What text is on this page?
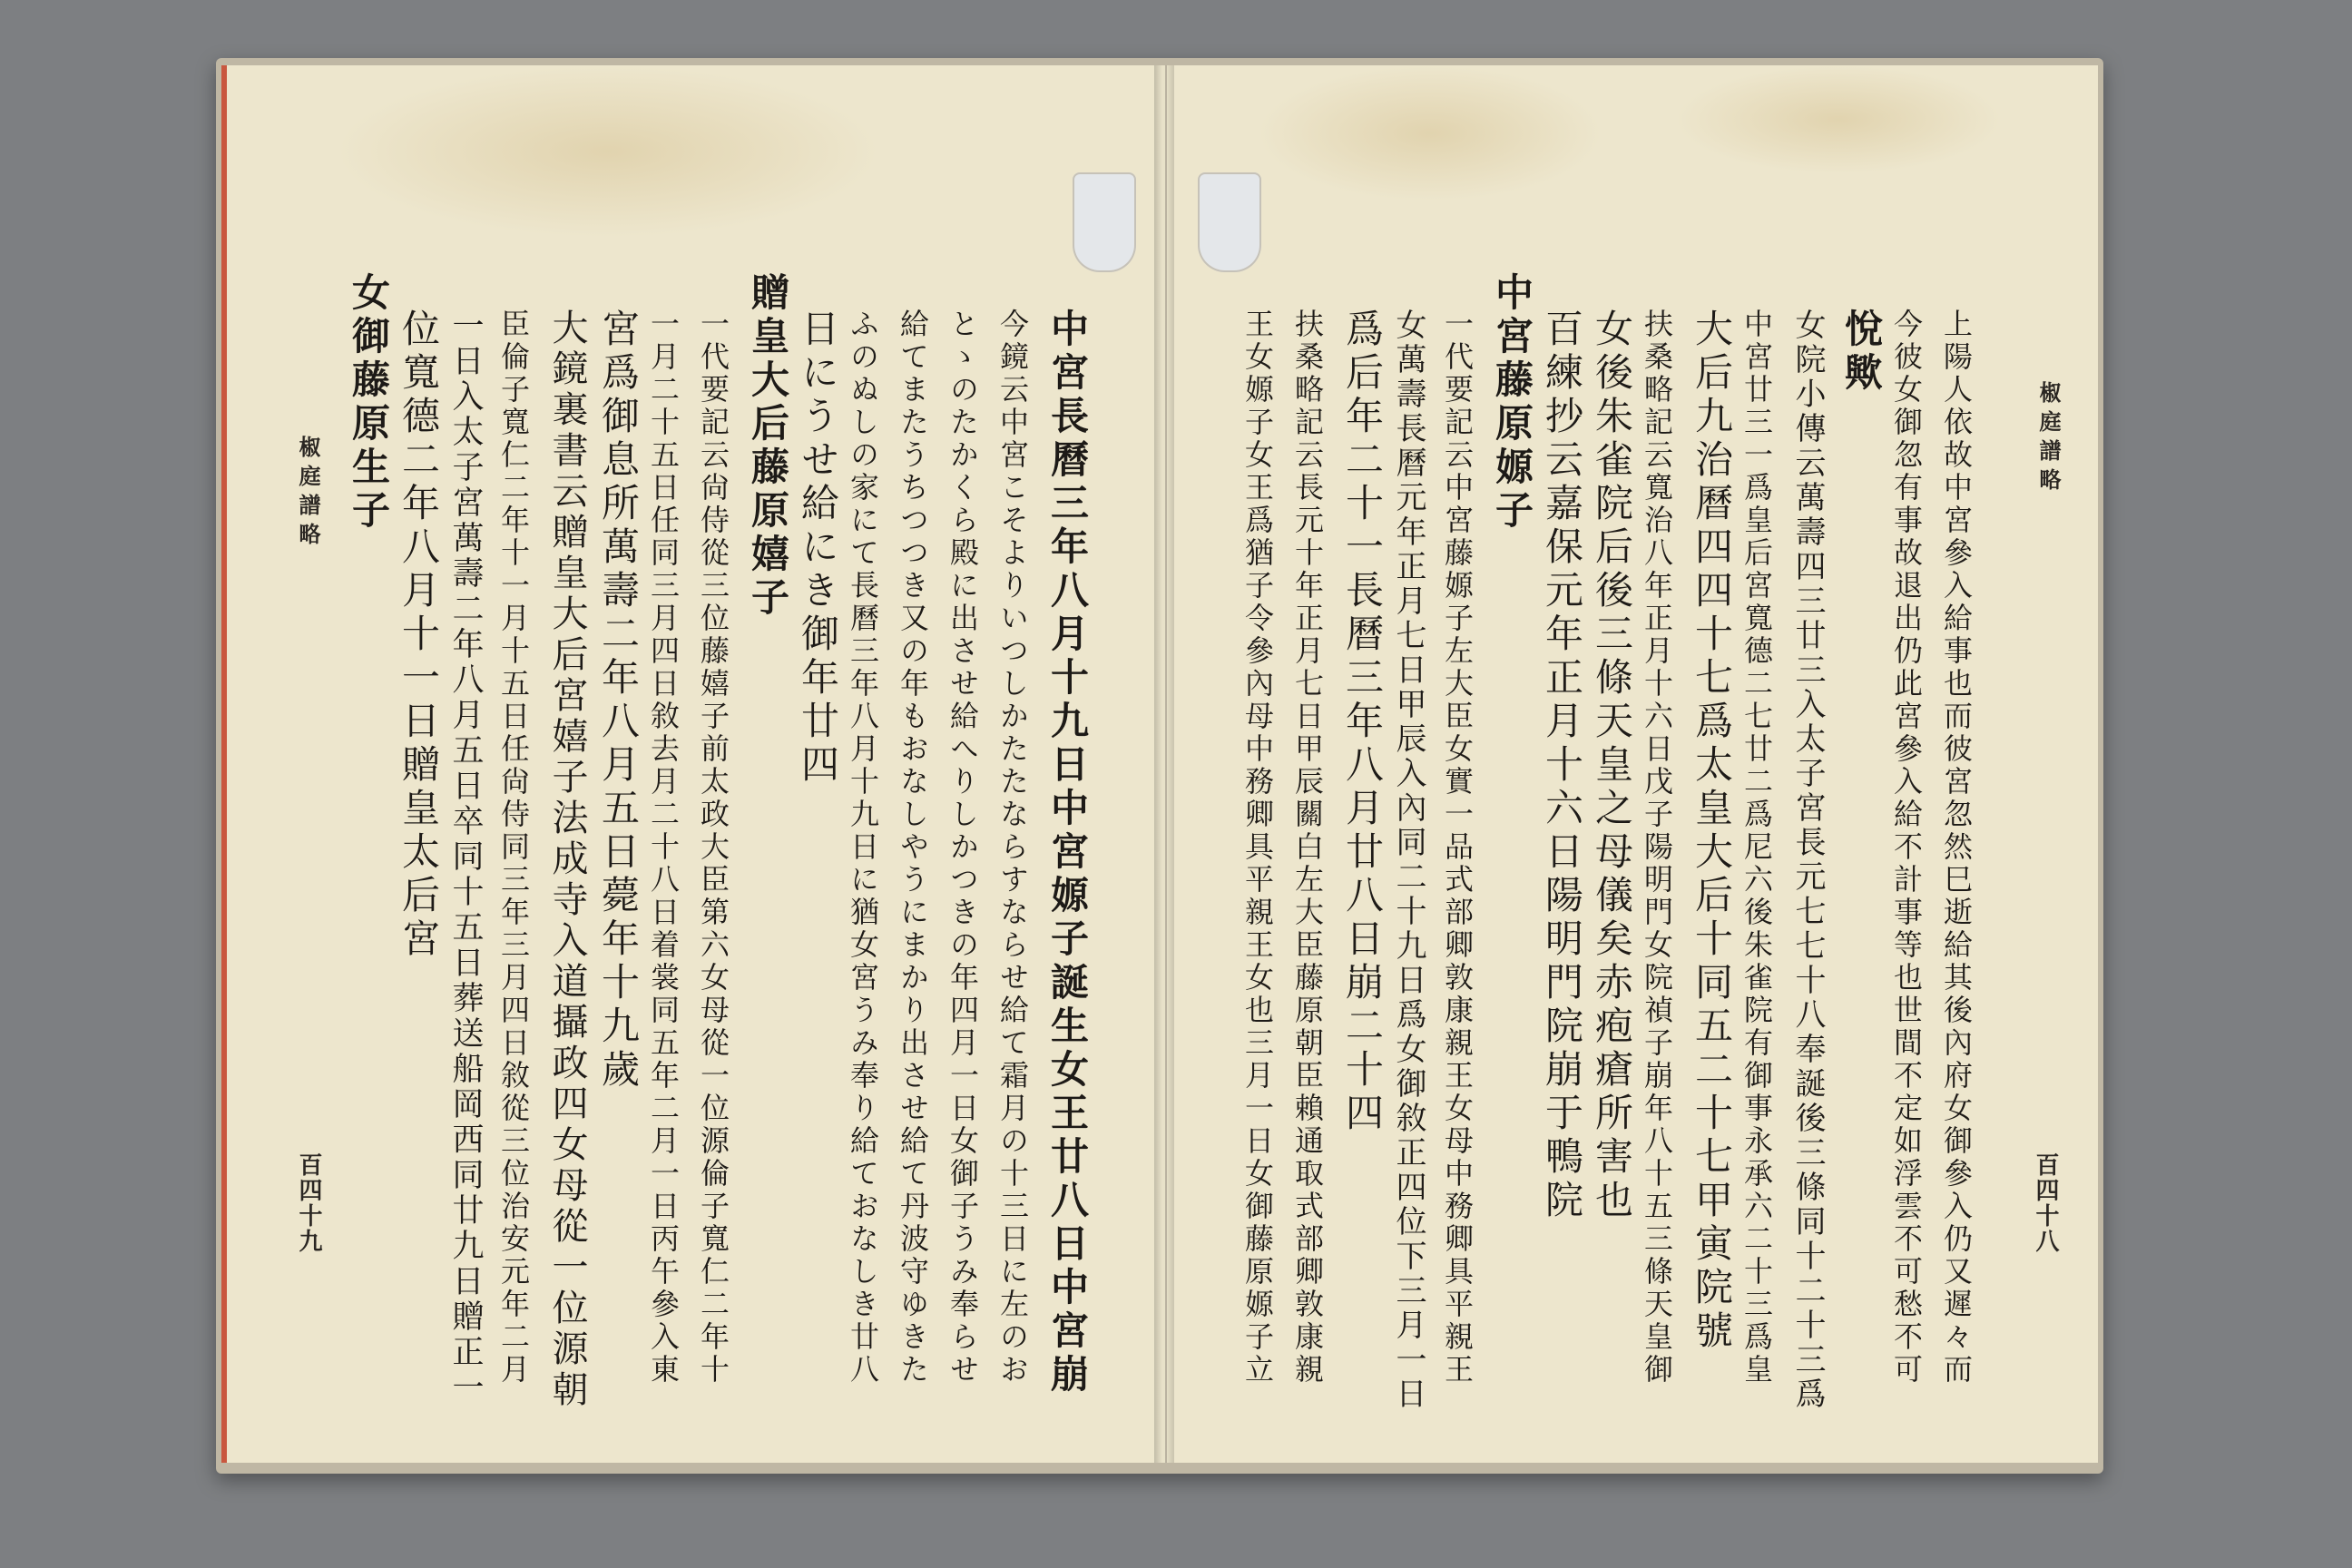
椒庭譜略
椒庭譜略
百四十八
百四十九	上陽人依故中宮參入給事也而彼宮忽然巳逝給其後內府女御參入仍又遲々而
今彼女御忽有事故退出仍此宮參入給不計事等也世間不定如浮雲不可愁不可
悅歟
女院小傳云萬壽四三廿三入太子宮長元七七十八奉誕後三條同十二十三爲
中宮廿三一爲皇后宮寬德二七廿二爲尼六後朱雀院有御事永承六二十三爲皇
大后九治曆四四十七爲太皇大后十同五二十七甲寅院號
扶桑略記云寬治八年正月十六日戊子陽明門女院禎子崩年八十五三條天皇御
女後朱雀院后後三條天皇之母儀矣赤疱瘡所害也
百練抄云嘉保元年正月十六日陽明門院崩于鴨院
中宮藤原嫄子
一代要記云中宮藤嫄子左大臣女實一品式部卿敦康親王女母中務卿具平親王
女萬壽長曆元年正月七日甲辰入內同二十九日爲女御敘正四位下三月一日
爲后年二十一長曆三年八月廿八日崩二十四
扶桑略記云長元十年正月七日甲辰關白左大臣藤原朝臣賴通取式部卿敦康親
王女嫄子女王爲猶子令參內母中務卿具平親王女也三月一日女御藤原嫄子立
中宮長曆三年八月十九日中宮嫄子誕生女王廿八日中宮崩
今鏡云中宮こそよりいつしかたたならすならせ給て霜月の十三日に左のお
とゝのたかくら殿に出させ給へりしかつきの年四月一日女御子うみ奉らせ
給てまたうちつつき又の年もおなしやうにまかり出させ給て丹波守ゆきた
ふのぬしの家にて長曆三年八月十九日に猶女宮うみ奉り給ておなしき廿八
日にうせ給にき御年廿四
贈皇大后藤原嬉子
一代要記云尙侍從三位藤嬉子前太政大臣第六女母從一位源倫子寬仁二年十
一月二十五日任同三月四日敘去月二十八日着裳同五年二月一日丙午參入東
宮爲御息所萬壽二年八月五日薨年十九歲
大鏡裏書云贈皇大后宮嬉子法成寺入道攝政四女母從一位源朝
臣倫子寬仁二年十一月十五日任尙侍同三年三月四日敘從三位治安元年二月
一日入太子宮萬壽二年八月五日卒同十五日葬送船岡西同廿九日贈正一
位寬德二年八月十一日贈皇太后宮
女御藤原生子
